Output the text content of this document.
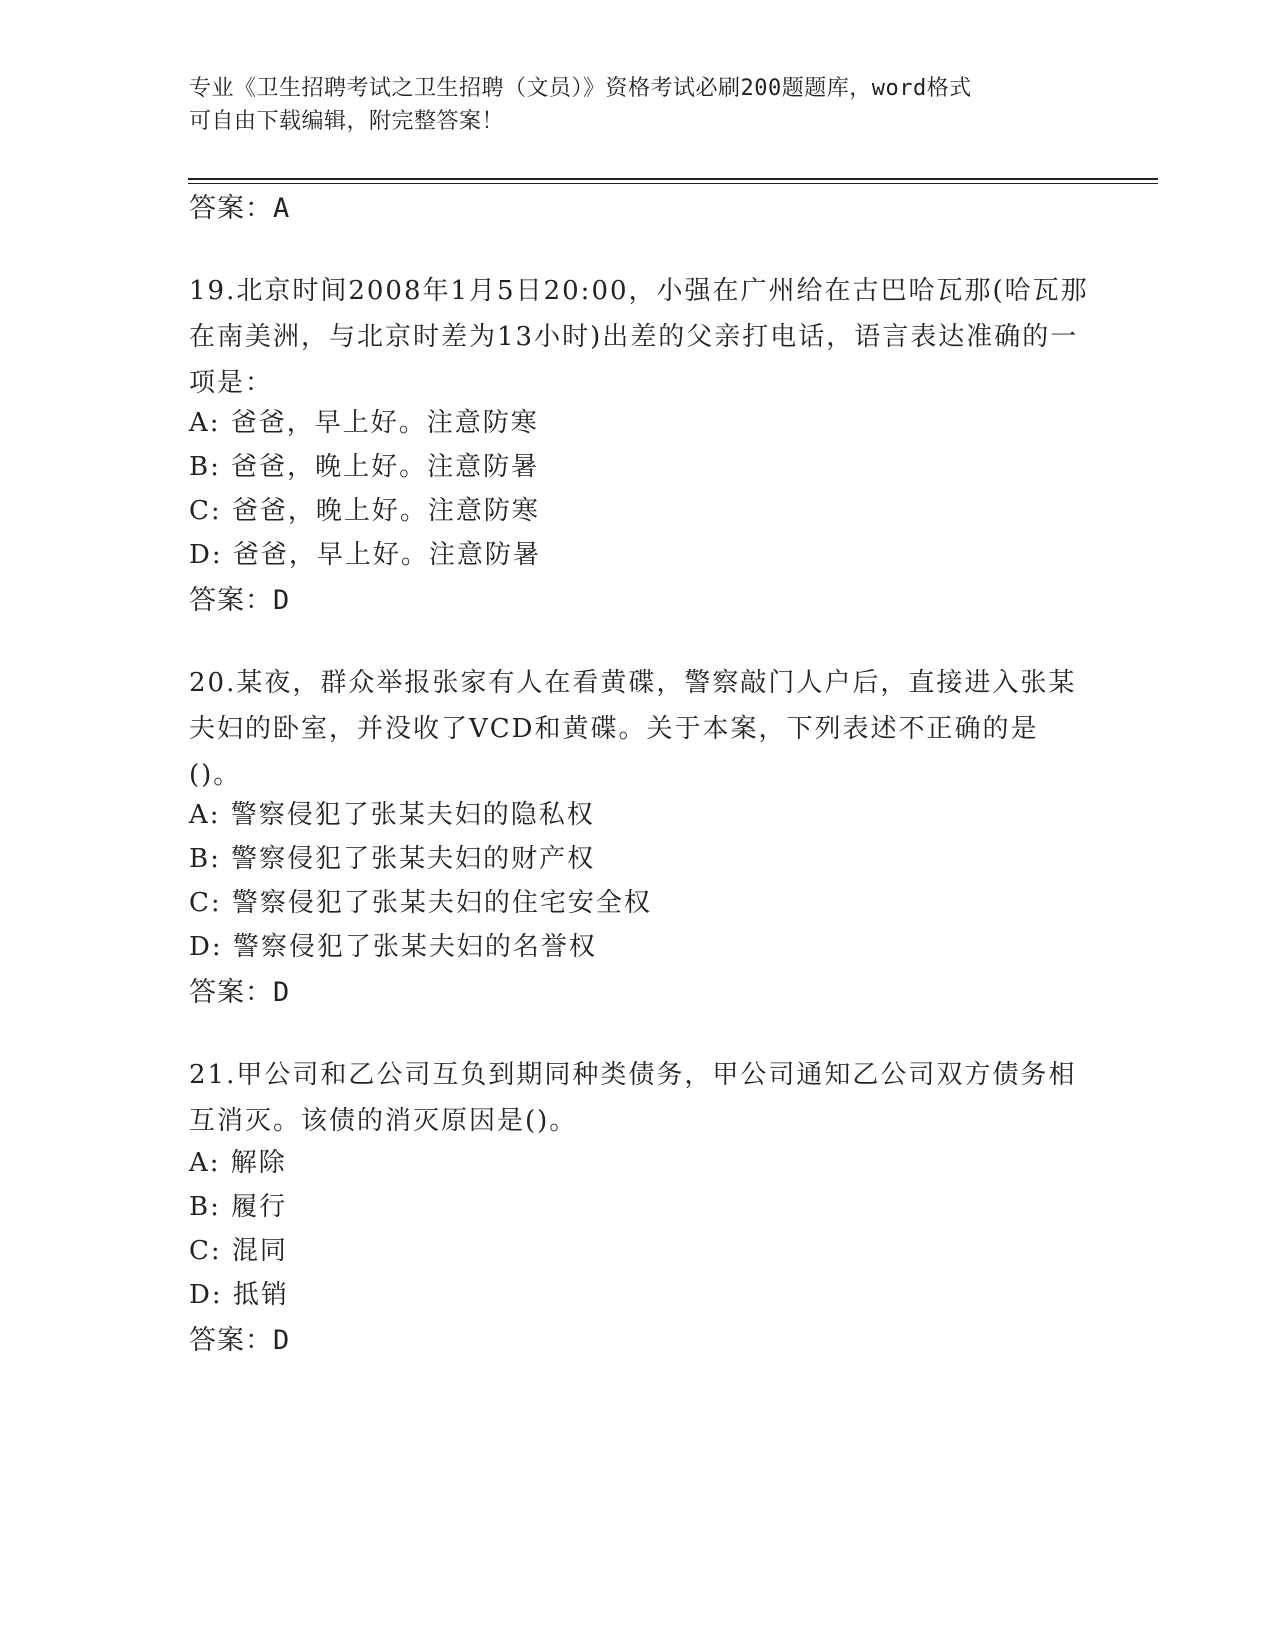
专业《卫生招聘考试之卫生招聘（文员）》资格考试必刷200题题库，word格式
可自由下载编辑，附完整答案！
答案：A
19.北京时间2008年1月5日20:00，小强在广州给在古巴哈瓦那(哈瓦那在南美洲，与北京时差为13小时)出差的父亲打电话，语言表达准确的一项是：
A: 爸爸，早上好。注意防寒
B: 爸爸，晚上好。注意防暑
C: 爸爸，晚上好。注意防寒
D: 爸爸，早上好。注意防暑
答案：D
20.某夜，群众举报张家有人在看黄碟，警察敲门人户后，直接进入张某夫妇的卧室，并没收了VCD和黄碟。关于本案，下列表述不正确的是()。
A: 警察侵犯了张某夫妇的隐私权
B: 警察侵犯了张某夫妇的财产权
C: 警察侵犯了张某夫妇的住宅安全权
D: 警察侵犯了张某夫妇的名誉权
答案：D
21.甲公司和乙公司互负到期同种类债务，甲公司通知乙公司双方债务相互消灭。该债的消灭原因是()。
A: 解除
B: 履行
C: 混同
D: 抵销
答案：D
